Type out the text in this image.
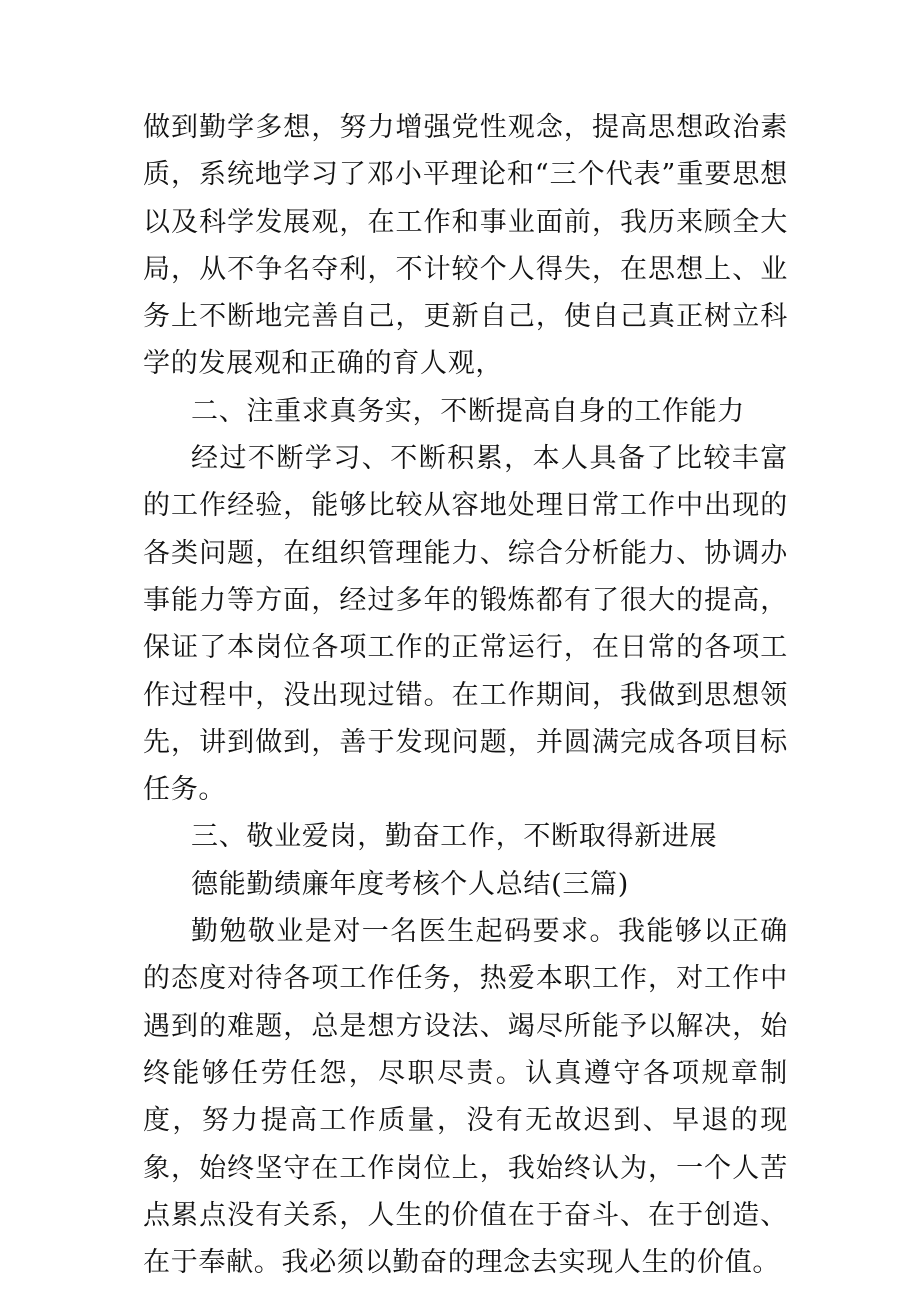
做到勤学多想，努力增强党性观念，提高思想政治素质，系统地学习了邓小平理论和“三个代表”重要思想以及科学发展观，在工作和事业面前，我历来顾全大局，从不争名夺利，不计较个人得失，在思想上、业务上不断地完善自己，更新自己，使自己真正树立科学的发展观和正确的育人观，

二、注重求真务实，不断提高自身的工作能力

经过不断学习、不断积累，本人具备了比较丰富的工作经验，能够比较从容地处理日常工作中出现的各类问题，在组织管理能力、综合分析能力、协调办事能力等方面，经过多年的锻炼都有了很大的提高，保证了本岗位各项工作的正常运行，在日常的各项工作过程中，没出现过错。在工作期间，我做到思想领先，讲到做到，善于发现问题，并圆满完成各项目标任务。

三、敬业爱岗，勤奋工作，不断取得新进展

德能勤绩廉年度考核个人总结(三篇)

勤勉敬业是对一名医生起码要求。我能够以正确的态度对待各项工作任务，热爱本职工作，对工作中遇到的难题，总是想方设法、竭尽所能予以解决，始终能够任劳任怨，尽职尽责。认真遵守各项规章制度，努力提高工作质量，没有无故迟到、早退的现象，始终坚守在工作岗位上，我始终认为，一个人苦点累点没有关系，人生的价值在于奋斗、在于创造、在于奉献。我必须以勤奋的理念去实现人生的价值。
